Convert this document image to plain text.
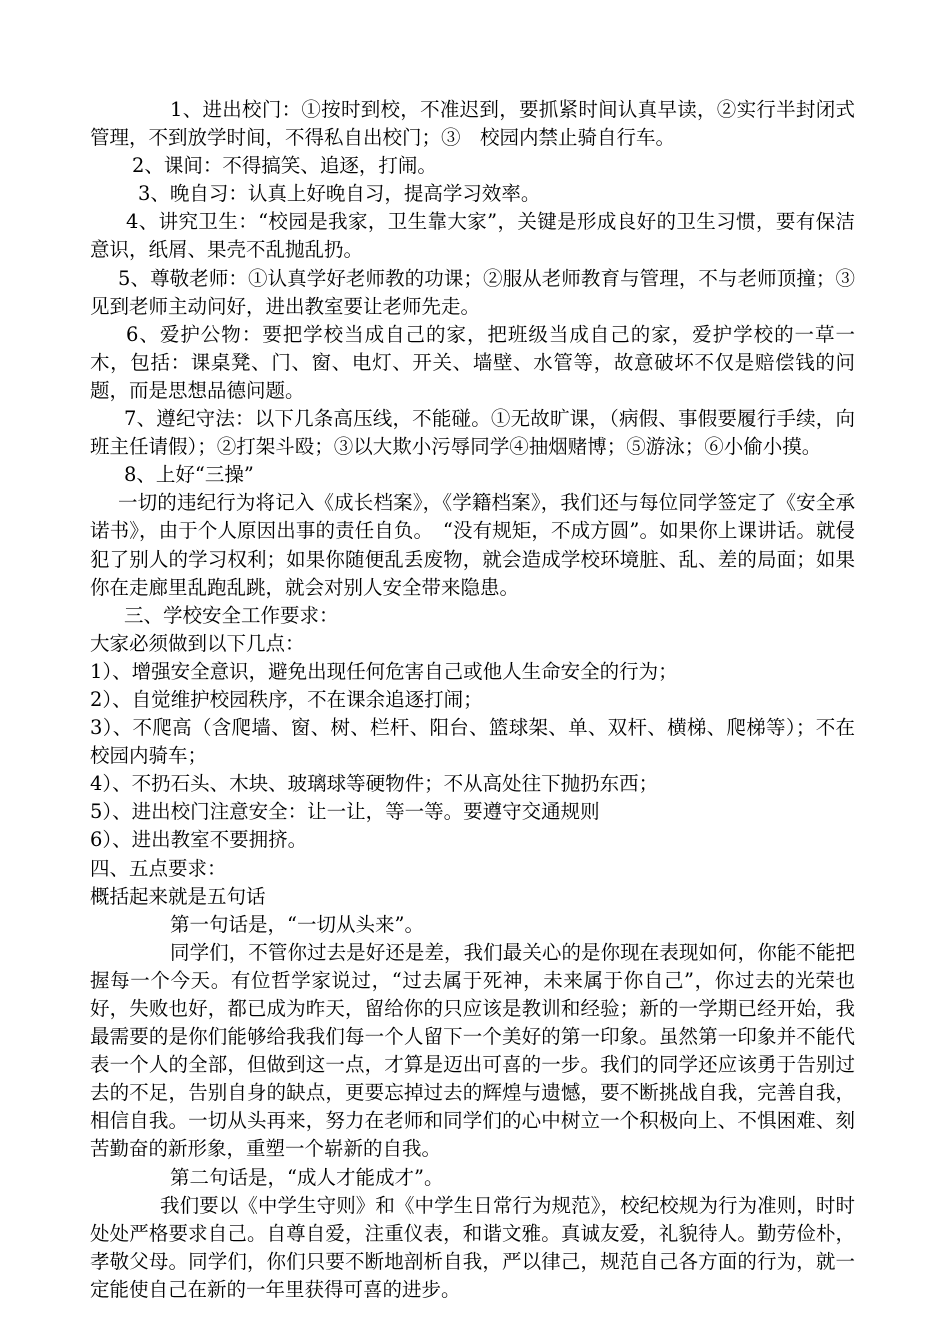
1、进出校门：①按时到校，不准迟到，要抓紧时间认真早读，②实行半封闭式管理，不到放学时间，不得私自出校门；③　校园内禁止骑自行车。

2、课间：不得搞笑、追逐，打闹。

3、晚自习：认真上好晚自习，提高学习效率。

4、讲究卫生：“校园是我家，卫生靠大家”，关键是形成良好的卫生习惯，要有保洁意识，纸屑、果壳不乱抛乱扔。

5、尊敬老师：①认真学好老师教的功课；②服从老师教育与管理，不与老师顶撞；③见到老师主动问好，进出教室要让老师先走。

6、爱护公物：要把学校当成自己的家，把班级当成自己的家，爱护学校的一草一木，包括：课桌凳、门、窗、电灯、开关、墙壁、水管等，故意破坏不仅是赔偿钱的问题，而是思想品德问题。

7、遵纪守法：以下几条高压线，不能碰。①无故旷课，（病假、事假要履行手续，向班主任请假）；②打架斗殴；③以大欺小污辱同学④抽烟赌博；⑤游泳；⑥小偷小摸。

8、上好“三操”

一切的违纪行为将记入《成长档案》，《学籍档案》，我们还与每位同学签定了《安全承诺书》，由于个人原因出事的责任自负。　“没有规矩，不成方圆”。如果你上课讲话。就侵犯了别人的学习权利；如果你随便乱丢废物，就会造成学校环境脏、乱、差的局面；如果你在走廊里乱跑乱跳，就会对别人安全带来隐患。

三、学校安全工作要求：

大家必须做到以下几点：

1）、增强安全意识，避免出现任何危害自己或他人生命安全的行为；

2）、自觉维护校园秩序，不在课余追逐打闹；

3）、不爬高（含爬墙、窗、树、栏杆、阳台、篮球架、单、双杆、横梯、爬梯等）；不在校园内骑车；

4）、不扔石头、木块、玻璃球等硬物件；不从高处往下抛扔东西；

5）、进出校门注意安全：让一让，等一等。要遵守交通规则

6）、进出教室不要拥挤。

四、五点要求：

概括起来就是五句话

第一句话是，“一切从头来”。

同学们，不管你过去是好还是差，我们最关心的是你现在表现如何，你能不能把握每一个今天。有位哲学家说过，“过去属于死神，未来属于你自己”，你过去的光荣也好，失败也好，都已成为昨天，留给你的只应该是教训和经验；新的一学期已经开始，我最需要的是你们能够给我我们每一个人留下一个美好的第一印象。虽然第一印象并不能代表一个人的全部，但做到这一点，才算是迈出可喜的一步。我们的同学还应该勇于告别过去的不足，告别自身的缺点，更要忘掉过去的辉煌与遗憾，要不断挑战自我，完善自我，相信自我。一切从头再来，努力在老师和同学们的心中树立一个积极向上、不惧困难、刻苦勤奋的新形象，重塑一个崭新的自我。

第二句话是，“成人才能成才”。

我们要以《中学生守则》和《中学生日常行为规范》，校纪校规为行为准则，时时处处严格要求自己。自尊自爱，注重仪表，和谐文雅。真诚友爱，礼貌待人。勤劳俭朴，孝敬父母。同学们，你们只要不断地剖析自我，严以律己，规范自己各方面的行为，就一定能使自己在新的一年里获得可喜的进步。
